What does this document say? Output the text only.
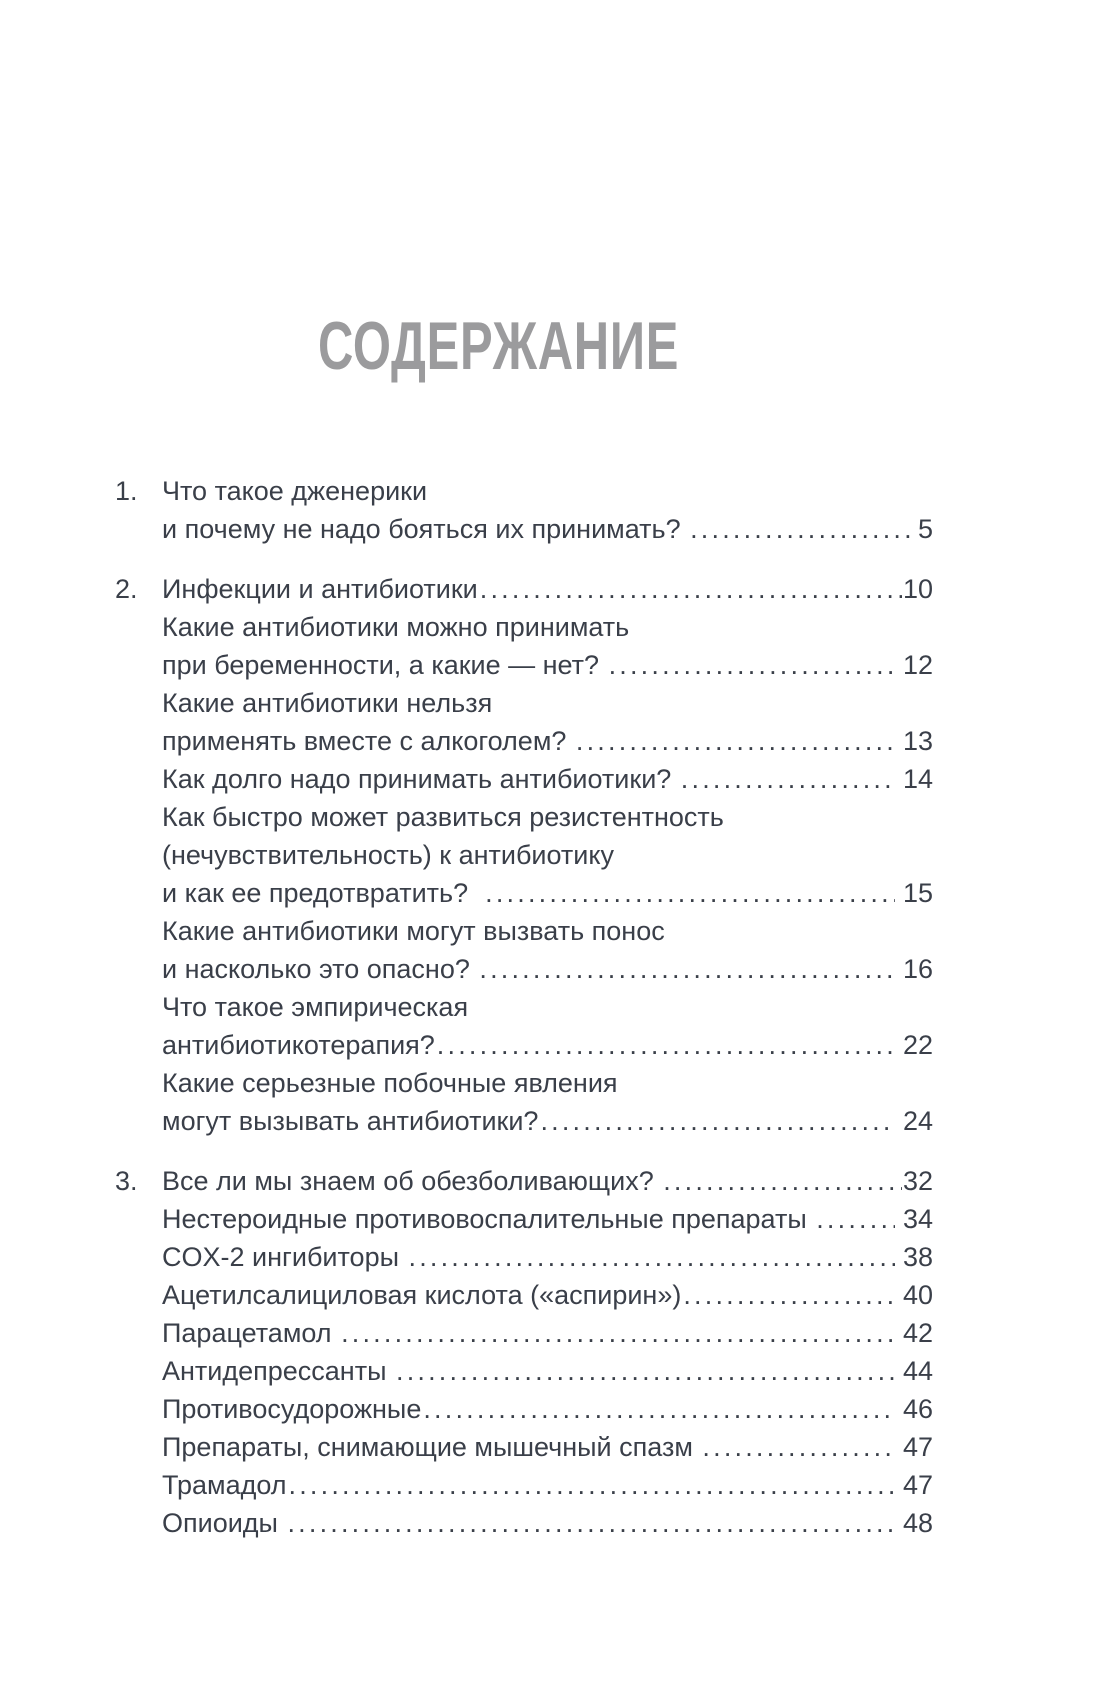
СОДЕРЖАНИЕ
1. Что такое дженерики
и почему не надо бояться их принимать? .....	5
2. Инфекции и антибиотики .....	10
Какие антибиотики можно принимать
при беременности, а какие — нет? .....	12
Какие антибиотики нельзя
применять вместе с алкоголем? .....	13
Как долго надо принимать антибиотики? .....	14
Как быстро может развиться резистентность
(нечувствительность) к антибиотику
и как ее предотвратить? .....	15
Какие антибиотики могут вызвать понос
и насколько это опасно? .....	16
Что такое эмпирическая
антибиотикотерапия? .....	22
Какие серьезные побочные явления
могут вызывать антибиотики? .....	24
3. Все ли мы знаем об обезболивающих? .....	32
Нестероидные противовоспалительные препараты .....	34
COX-2 ингибиторы .....	38
Ацетилсалициловая кислота («аспирин») .....	40
Парацетамол .....	42
Антидепрессанты .....	44
Противосудорожные .....	46
Препараты, снимающие мышечный спазм .....	47
Трамадол .....	47
Опиоиды .....	48
